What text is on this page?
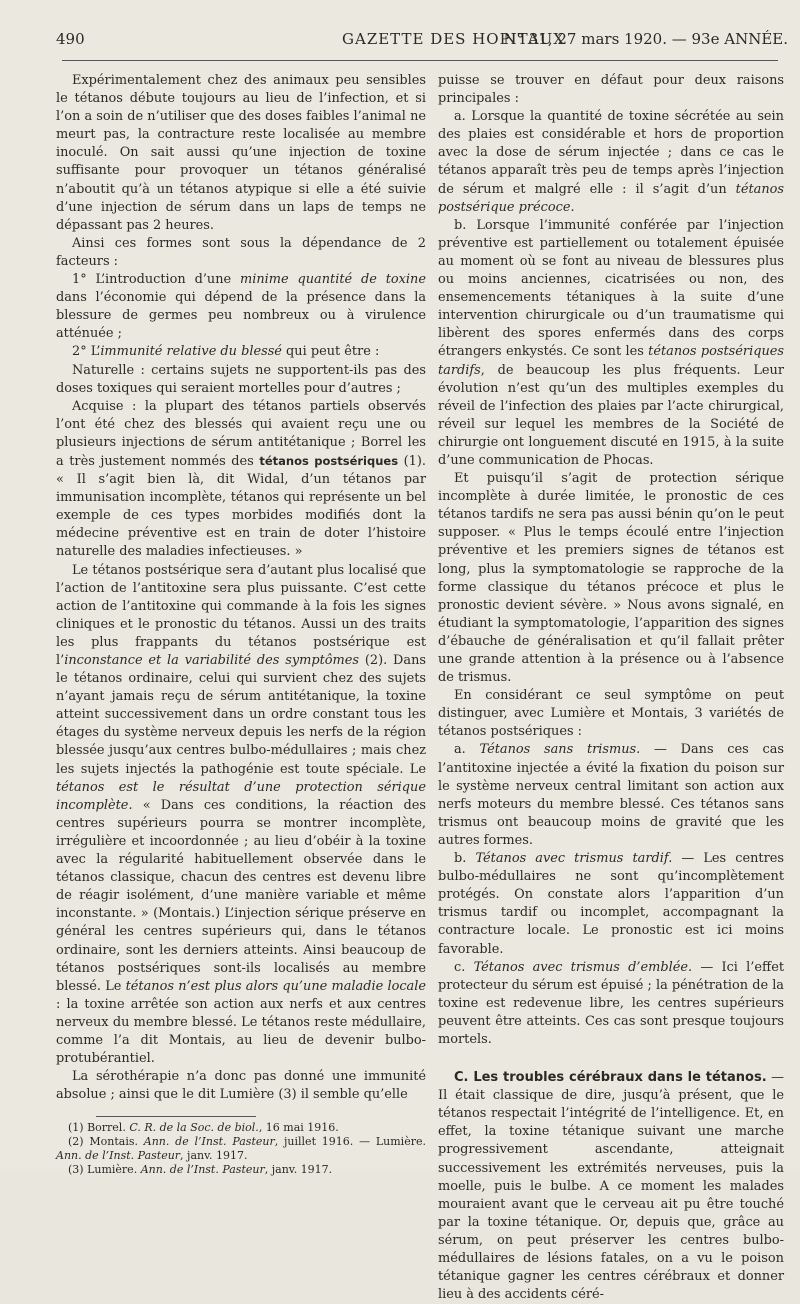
490	GAZETTE DES HOPITAUX
N° 31, 27 mars 1920. — 93e ANNÉE.

Expérimentalement chez des animaux peu sensibles le tétanos débute toujours au lieu de l’infection, et si l’on a soin de n’utiliser que des doses faibles l’animal ne meurt pas, la contracture reste localisée au membre inoculé. On sait aussi qu’une injection de toxine suffisante pour provoquer un tétanos généralisé n’aboutit qu’à un tétanos atypique si elle a été suivie d’une injection de sérum dans un laps de temps ne dépassant pas 2 heures.

Ainsi ces formes sont sous la dépendance de 2 facteurs :

1° L’introduction d’une minime quantité de toxine dans l’économie qui dépend de la présence dans la blessure de germes peu nombreux ou à virulence atténuée ;

2° L’immunité relative du blessé qui peut être :

Naturelle : certains sujets ne supportent-ils pas des doses toxiques qui seraient mortelles pour d’autres ;

Acquise : la plupart des tétanos partiels observés l’ont été chez des blessés qui avaient reçu une ou plusieurs injections de sérum antitétanique ; Borrel les a très justement nommés des tétanos postsériques (1). « Il s’agit bien là, dit Widal, d’un tétanos par immunisation incomplète, tétanos qui représente un bel exemple de ces types morbides modifiés dont la médecine préventive est en train de doter l’histoire naturelle des maladies infectieuses. »

Le tétanos postsérique sera d’autant plus localisé que l’action de l’antitoxine sera plus puissante. C’est cette action de l’antitoxine qui commande à la fois les signes cliniques et le pronostic du tétanos. Aussi un des traits les plus frappants du tétanos postsérique est l’inconstance et la variabilité des symptômes (2). Dans le tétanos ordinaire, celui qui survient chez des sujets n’ayant jamais reçu de sérum antitétanique, la toxine atteint successivement dans un ordre constant tous les étages du système nerveux depuis les nerfs de la région blessée jusqu’aux centres bulbo-médullaires ; mais chez les sujets injectés la pathogénie est toute spéciale. Le tétanos est le résultat d’une protection sérique incomplète. « Dans ces conditions, la réaction des centres supérieurs pourra se montrer incomplète, irrégulière et incoordonnée ; au lieu d’obéir à la toxine avec la régularité habituellement observée dans le tétanos classique, chacun des centres est devenu libre de réagir isolément, d’une manière variable et même inconstante. » (Montais.) L’injection sérique préserve en général les centres supérieurs qui, dans le tétanos ordinaire, sont les derniers atteints. Ainsi beaucoup de tétanos postsériques sont-ils localisés au membre blessé. Le tétanos n’est plus alors qu’une maladie locale : la toxine arrêtée son action aux nerfs et aux centres nerveux du membre blessé. Le tétanos reste médullaire, comme l’a dit Montais, au lieu de devenir bulbo-protubérantiel.

La sérothérapie n’a donc pas donné une immunité absolue ; ainsi que le dit Lumière (3) il semble qu’elle

(1) Borrel. C. R. de la Soc. de biol., 16 mai 1916.
(2) Montais. Ann. de l’Inst. Pasteur, juillet 1916. — Lumière. Ann. de l’Inst. Pasteur, janv. 1917.
(3) Lumière. Ann. de l’Inst. Pasteur, janv. 1917.

puisse se trouver en défaut pour deux raisons principales :

a. Lorsque la quantité de toxine sécrétée au sein des plaies est considérable et hors de proportion avec la dose de sérum injectée ; dans ce cas le tétanos apparaît très peu de temps après l’injection de sérum et malgré elle : il s’agit d’un tétanos postsérique précoce.

b. Lorsque l’immunité conférée par l’injection préventive est partiellement ou totalement épuisée au moment où se font au niveau de blessures plus ou moins anciennes, cicatrisées ou non, des ensemencements tétaniques à la suite d’une intervention chirurgicale ou d’un traumatisme qui libèrent des spores enfermés dans des corps étrangers enkystés. Ce sont les tétanos postsériques tardifs, de beaucoup les plus fréquents. Leur évolution n’est qu’un des multiples exemples du réveil de l’infection des plaies par l’acte chirurgical, réveil sur lequel les membres de la Société de chirurgie ont longuement discuté en 1915, à la suite d’une communication de Phocas.

Et puisqu’il s’agit de protection sérique incomplète à durée limitée, le pronostic de ces tétanos tardifs ne sera pas aussi bénin qu’on le peut supposer. « Plus le temps écoulé entre l’injection préventive et les premiers signes de tétanos est long, plus la symptomatologie se rapproche de la forme classique du tétanos précoce et plus le pronostic devient sévère. » Nous avons signalé, en étudiant la symptomatologie, l’apparition des signes d’ébauche de généralisation et qu’il fallait prêter une grande attention à la présence ou à l’absence de trismus.

En considérant ce seul symptôme on peut distinguer, avec Lumière et Montais, 3 variétés de tétanos postsériques :

a. Tétanos sans trismus. — Dans ces cas l’antitoxine injectée a évité la fixation du poison sur le système nerveux central limitant son action aux nerfs moteurs du membre blessé. Ces tétanos sans trismus ont beaucoup moins de gravité que les autres formes.

b. Tétanos avec trismus tardif. — Les centres bulbo-médullaires ne sont qu’incomplètement protégés. On constate alors l’apparition d’un trismus tardif ou incomplet, accompagnant la contracture locale. Le pronostic est ici moins favorable.

c. Tétanos avec trismus d’emblée. — Ici l’effet protecteur du sérum est épuisé ; la pénétration de la toxine est redevenue libre, les centres supérieurs peuvent être atteints. Ces cas sont presque toujours mortels.

C. Les troubles cérébraux dans le tétanos. — Il était classique de dire, jusqu’à présent, que le tétanos respectait l’intégrité de l’intelligence. Et, en effet, la toxine tétanique suivant une marche progressivement ascendante, atteignait successivement les extrémités nerveuses, puis la moelle, puis le bulbe. A ce moment les malades mouraient avant que le cerveau ait pu être touché par la toxine tétanique. Or, depuis que, grâce au sérum, on peut préserver les centres bulbo-médullaires de lésions fatales, on a vu le poison tétanique gagner les centres cérébraux et donner lieu à des accidents céré-
